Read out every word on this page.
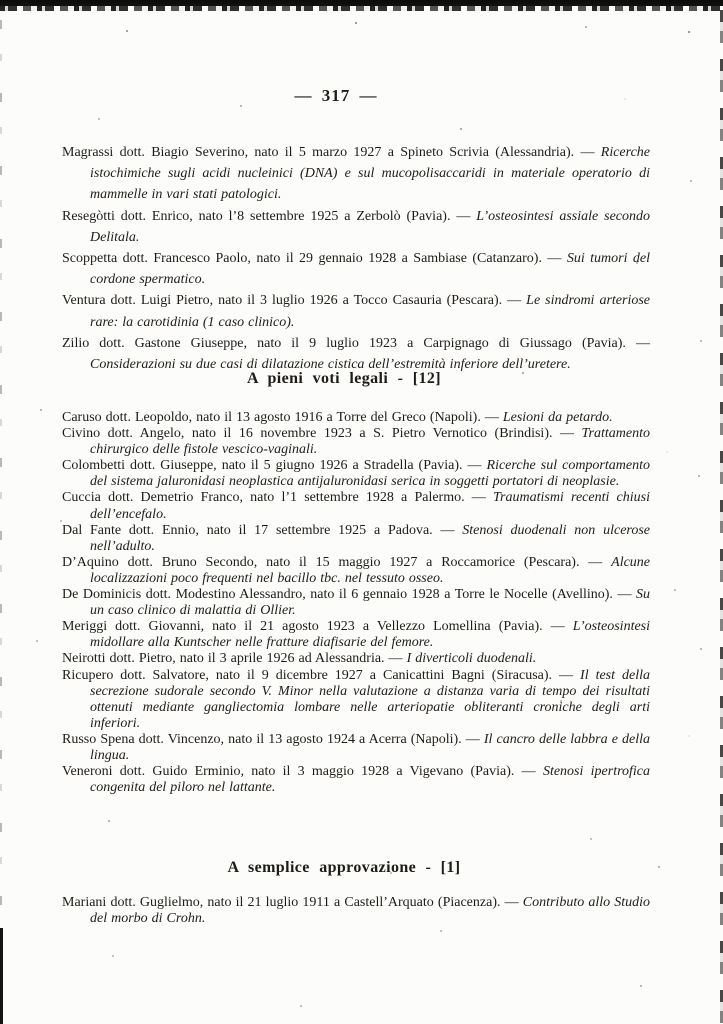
— 317 —

Magrassi dott. Biagio Severino, nato il 5 marzo 1927 a Spineto Scrivia (Alessandria). — Ricerche istochimiche sugli acidi nucleinici (DNA) e sul mucopolisaccaridi in materiale operatorio di mammelle in vari stati patologici.

Resegòtti dott. Enrico, nato l’8 settembre 1925 a Zerbolò (Pavia). — L’osteosintesi assiale secondo Delitala.

Scoppetta dott. Francesco Paolo, nato il 29 gennaio 1928 a Sambiase (Catanzaro). — Sui tumori del cordone spermatico.

Ventura dott. Luigi Pietro, nato il 3 luglio 1926 a Tocco Casauria (Pescara). — Le sindromi arteriose rare: la carotidinia (1 caso clinico).

Zilio dott. Gastone Giuseppe, nato il 9 luglio 1923 a Carpignago di Giussago (Pavia). — Considerazioni su due casi di dilatazione cistica dell’estremità inferiore dell’uretere.

A pieni voti legali - [12]

Caruso dott. Leopoldo, nato il 13 agosto 1916 a Torre del Greco (Napoli). — Lesioni da petardo.

Civino dott. Angelo, nato il 16 novembre 1923 a S. Pietro Vernotico (Brindisi). — Trattamento chirurgico delle fistole vescico-vaginali.

Colombetti dott. Giuseppe, nato il 5 giugno 1926 a Stradella (Pavia). — Ricerche sul comportamento del sistema jaluronidasi neoplastica antijaluronidasi serica in soggetti portatori di neoplasie.

Cuccia dott. Demetrio Franco, nato l’1 settembre 1928 a Palermo. — Traumatismi recenti chiusi dell’encefalo.

Dal Fante dott. Ennio, nato il 17 settembre 1925 a Padova. — Stenosi duodenali non ulcerose nell’adulto.

D’Aquino dott. Bruno Secondo, nato il 15 maggio 1927 a Roccamorice (Pescara). — Alcune localizzazioni poco frequenti nel bacillo tbc. nel tessuto osseo.

De Dominicis dott. Modestino Alessandro, nato il 6 gennaio 1928 a Torre le Nocelle (Avellino). — Su un caso clinico di malattia di Ollier.

Meriggi dott. Giovanni, nato il 21 agosto 1923 a Vellezzo Lomellina (Pavia). — L’osteosintesi midollare alla Kuntscher nelle fratture diafisarie del femore.

Neirotti dott. Pietro, nato il 3 aprile 1926 ad Alessandria. — I diverticoli duodenali.

Ricupero dott. Salvatore, nato il 9 dicembre 1927 a Canicattini Bagni (Siracusa). — Il test della secrezione sudorale secondo V. Minor nella valutazione a distanza varia di tempo dei risultati ottenuti mediante gangliectomia lombare nelle arteriopatie obliteranti croniche degli arti inferiori.

Russo Spena dott. Vincenzo, nato il 13 agosto 1924 a Acerra (Napoli). — Il cancro delle labbra e della lingua.

Veneroni dott. Guido Erminio, nato il 3 maggio 1928 a Vigevano (Pavia). — Stenosi ipertrofica congenita del piloro nel lattante.

A semplice approvazione - [1]

Mariani dott. Guglielmo, nato il 21 luglio 1911 a Castell’Arquato (Piacenza). — Contributo allo Studio del morbo di Crohn.
